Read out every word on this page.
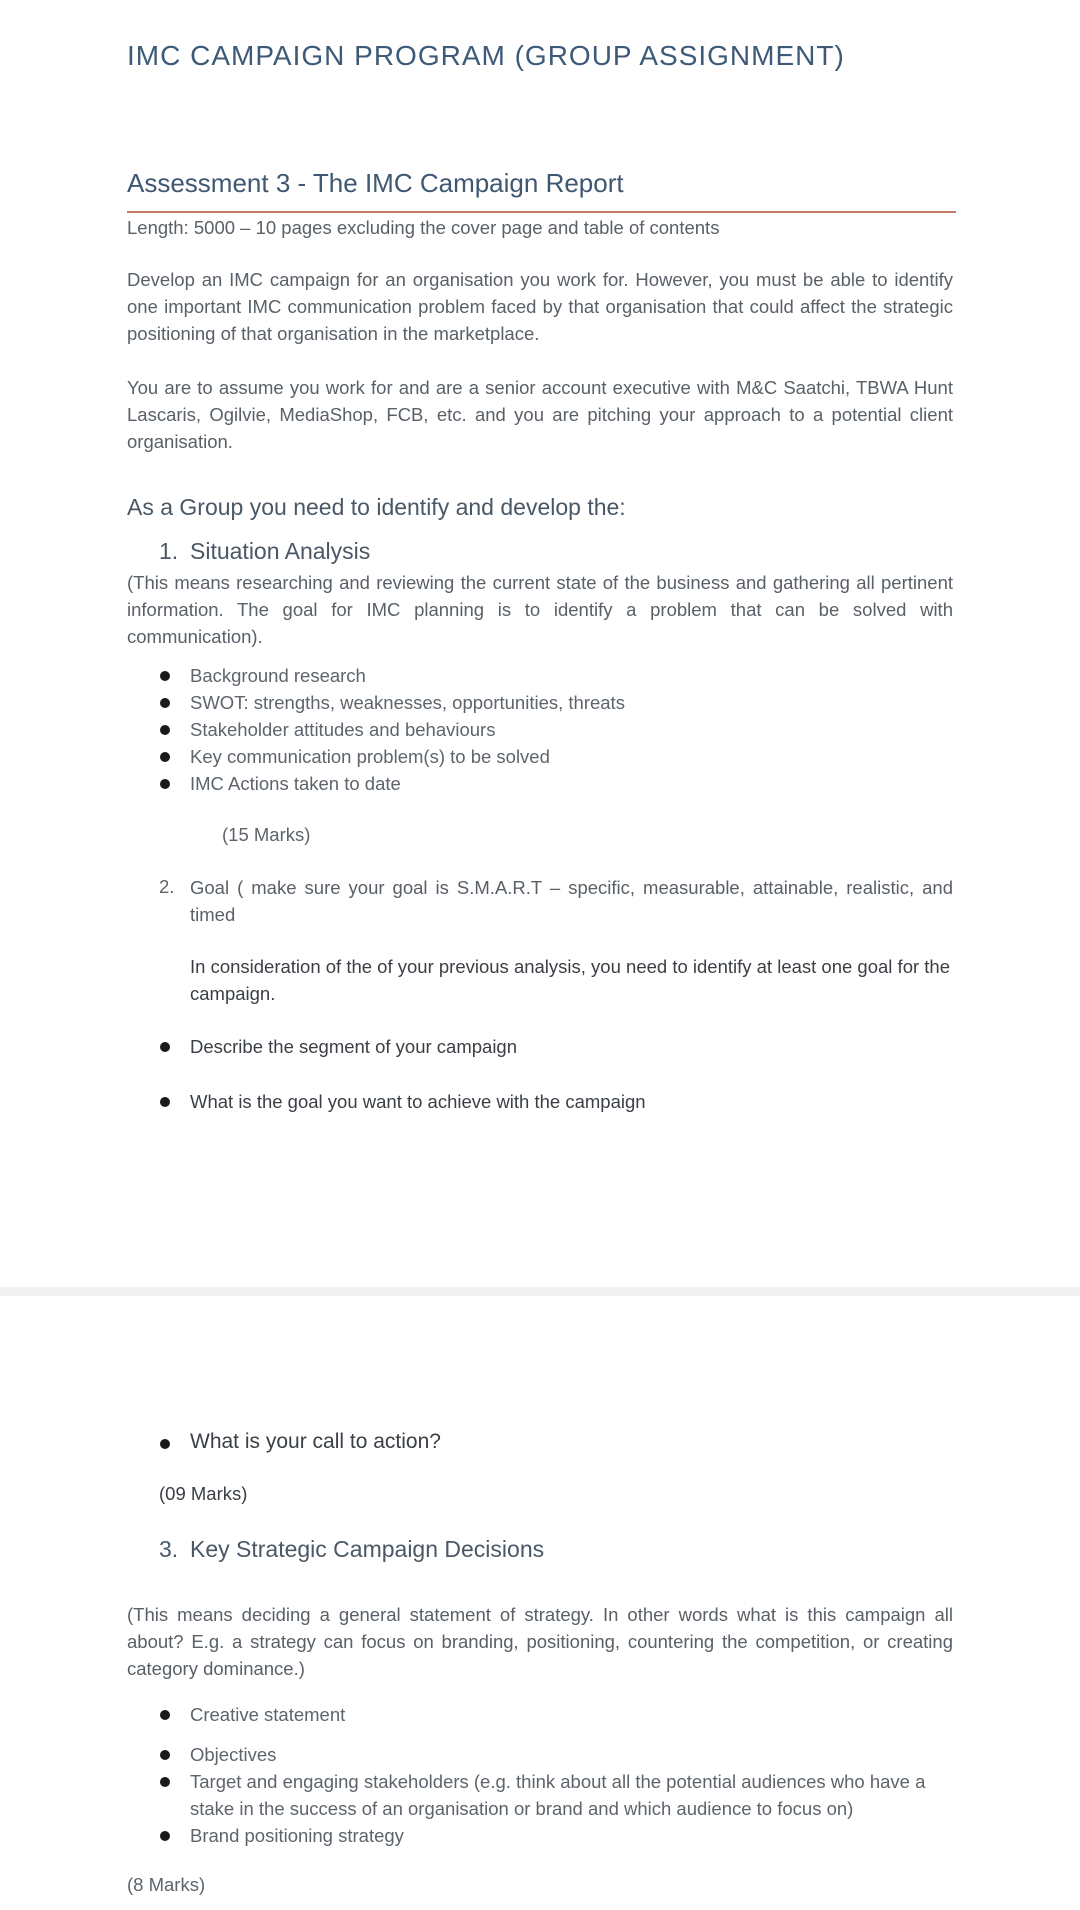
IMC CAMPAIGN PROGRAM (GROUP ASSIGNMENT)
Assessment 3 - The IMC Campaign Report
Length: 5000 – 10 pages excluding the cover page and table of contents

Develop an IMC campaign for an organisation you work for. However, you must be able to identify one important IMC communication problem faced by that organisation that could affect the strategic positioning of that organisation in the marketplace.

You are to assume you work for and are a senior account executive with M&C Saatchi, TBWA Hunt Lascaris, Ogilvie, MediaShop, FCB, etc. and you are pitching your approach to a potential client organisation.

As a Group you need to identify and develop the:
1. Situation Analysis

(This means researching and reviewing the current state of the business and gathering all pertinent information. The goal for IMC planning is to identify a problem that can be solved with communication).

Background research
SWOT: strengths, weaknesses, opportunities, threats
Stakeholder attitudes and behaviours
Key communication problem(s) to be solved
IMC Actions taken to date
(15 Marks)
2. Goal ( make sure your goal is S.M.A.R.T – specific, measurable, attainable, realistic, and timed
In consideration of the of your previous analysis, you need to identify at least one goal for the campaign.
Describe the segment of your campaign
What is the goal you want to achieve with the campaign
What is your call to action?
(09 Marks)
3. Key Strategic Campaign Decisions

(This means deciding a general statement of strategy. In other words what is this campaign all about? E.g. a strategy can focus on branding, positioning, countering the competition, or creating category dominance.)

Creative statement
Objectives
Target and engaging stakeholders (e.g. think about all the potential audiences who have a stake in the success of an organisation or brand and which audience to focus on)
Brand positioning strategy
(8 Marks)
